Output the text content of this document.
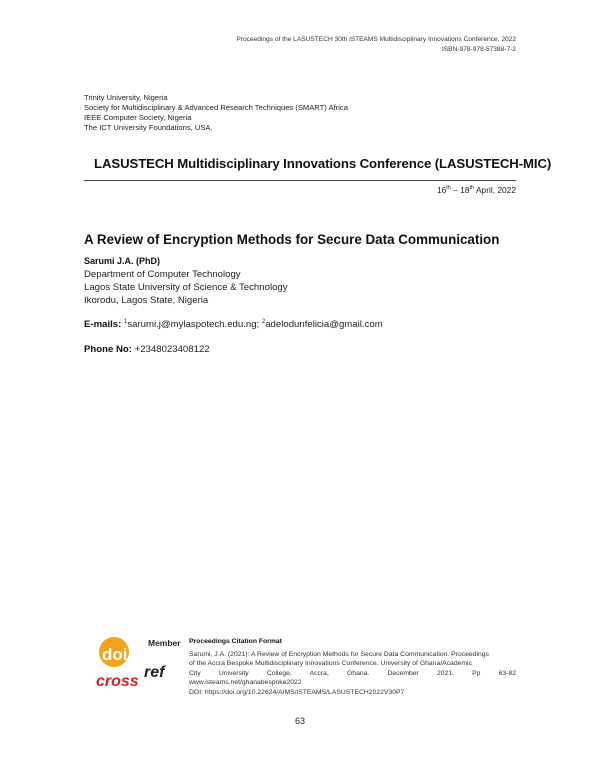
Proceedings of the LASUSTECH 30th iSTEAMS Multidisciplinary Innovations Conference, 2022
ISBN-978-978-57388-7-2
Trinity University, Nigeria
Society for Multidisciplinary & Advanced Research Techniques (SMART) Africa
IEEE Computer Society, Nigeria
The ICT University Foundations, USA.
LASUSTECH Multidisciplinary Innovations Conference (LASUSTECH-MIC)
16th – 18th April, 2022
A Review of Encryption Methods for Secure Data Communication
Sarumi J.A. (PhD)
Department of Computer Technology
Lagos State University of Science & Technology
Ikorodu, Lagos State, Nigeria
E-mails: $^1$sarumi.j@mylaspotech.edu.ng; $^2$adelodunfelicia@gmail.com
Phone No: +2348023408122
Member
doi
cross
ref
Proceedings Citation Format
Sarumi, J.A. (2021): A Review of Encryption Methods for Secure Data Communication. Proceedings
of the Accra Bespoke Multidisciplinary Innovations Conference. University of Ghana/Academic
City University College, Accra, Ghana. December 2021. Pp 63-82
www.isteams.net/ghanabespoke2022
DOI: https://doi.org/10.22624/AIMS/iSTEAMS/LASUSTECH2022V30P7
63
